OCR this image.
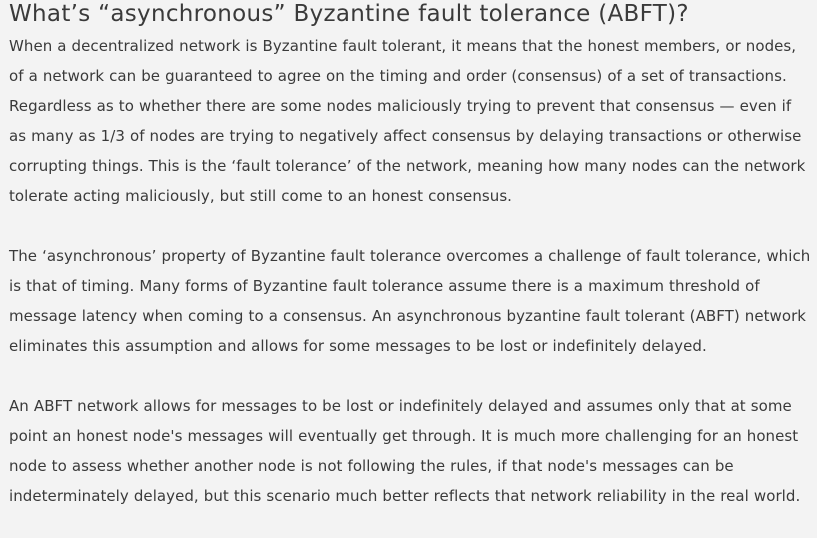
What’s “asynchronous” Byzantine fault tolerance (ABFT)?

When a decentralized network is Byzantine fault tolerant, it means that the honest members, or nodes, of a network can be guaranteed to agree on the timing and order (consensus) of a set of transactions. Regardless as to whether there are some nodes maliciously trying to prevent that consensus — even if as many as 1/3 of nodes are trying to negatively affect consensus by delaying transactions or otherwise corrupting things. This is the ‘fault tolerance’ of the network, meaning how many nodes can the network tolerate acting maliciously, but still come to an honest consensus.

The ‘asynchronous’ property of Byzantine fault tolerance overcomes a challenge of fault tolerance, which is that of timing. Many forms of Byzantine fault tolerance assume there is a maximum threshold of message latency when coming to a consensus. An asynchronous byzantine fault tolerant (ABFT) network eliminates this assumption and allows for some messages to be lost or indefinitely delayed.

An ABFT network allows for messages to be lost or indefinitely delayed and assumes only that at some point an honest node's messages will eventually get through. It is much more challenging for an honest node to assess whether another node is not following the rules, if that node's messages can be indeterminately delayed, but this scenario much better reflects that network reliability in the real world.
